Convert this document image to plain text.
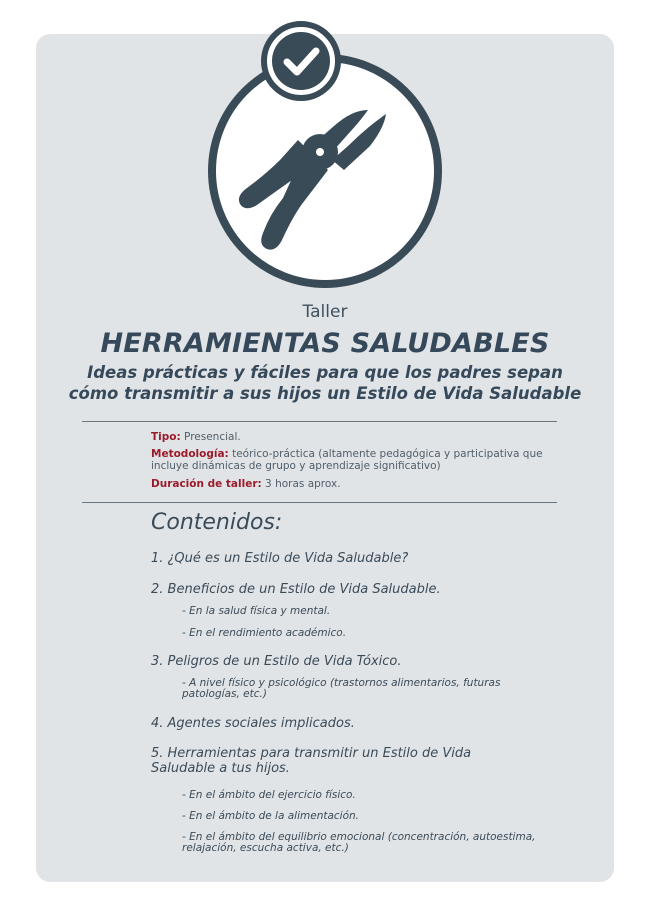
Taller
HERRAMIENTAS SALUDABLES
Ideas prácticas y fáciles para que los padres sepan
cómo transmitir a sus hijos un Estilo de Vida Saludable
Tipo: Presencial.
Metodología: teórico-práctica (altamente pedagógica y participativa que incluye dinámicas de grupo y aprendizaje significativo)
Duración de taller: 3 horas aprox.
Contenidos:
1. ¿Qué es un Estilo de Vida Saludable?
2. Beneficios de un Estilo de Vida Saludable.
- En la salud física y mental.
- En el rendimiento académico.
3. Peligros de un Estilo de Vida Tóxico.
- A nivel físico y psicológico (trastornos alimentarios, futuras patologías, etc.)
4. Agentes sociales implicados.
5. Herramientas para transmitir un Estilo de Vida Saludable a tus hijos.
- En el ámbito del ejercicio físico.
- En el ámbito de la alimentación.
- En el ámbito del equilibrio emocional (concentración, autoestima, relajación, escucha activa, etc.)
